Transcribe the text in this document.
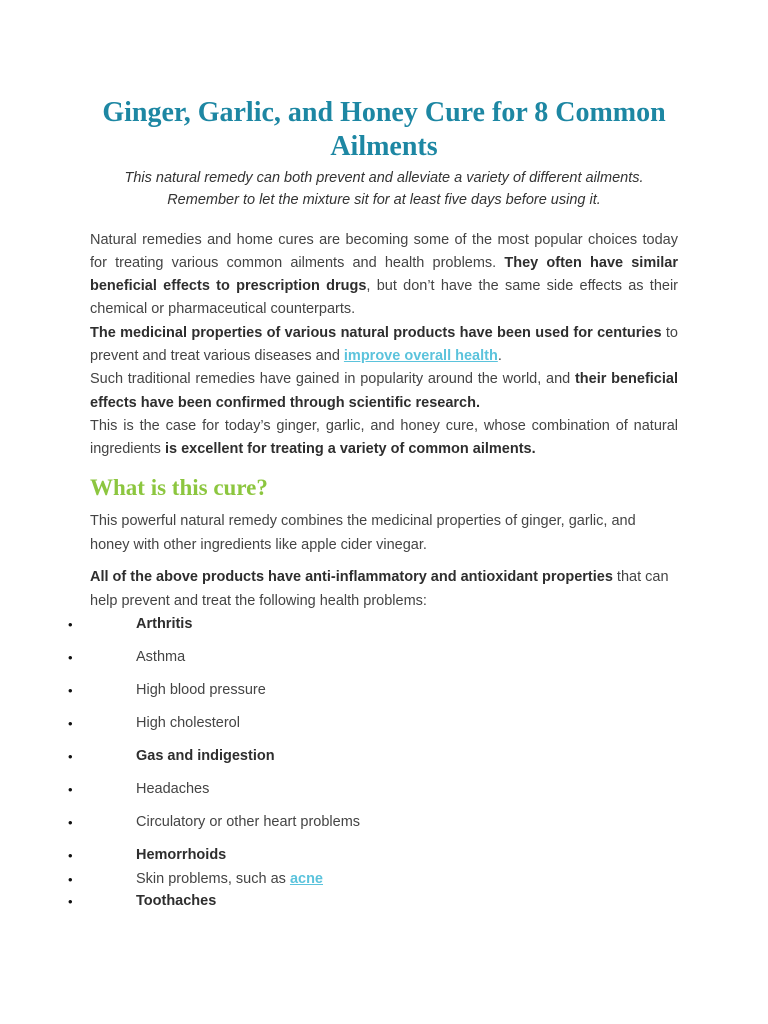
Ginger, Garlic, and Honey Cure for 8 Common Ailments

This natural remedy can both prevent and alleviate a variety of different ailments. Remember to let the mixture sit for at least five days before using it.

Natural remedies and home cures are becoming some of the most popular choices today for treating various common ailments and health problems. They often have similar beneficial effects to prescription drugs, but don’t have the same side effects as their chemical or pharmaceutical counterparts.

The medicinal properties of various natural products have been used for centuries to prevent and treat various diseases and improve overall health.

Such traditional remedies have gained in popularity around the world, and their beneficial effects have been confirmed through scientific research.

This is the case for today’s ginger, garlic, and honey cure, whose combination of natural ingredients is excellent for treating a variety of common ailments.

What is this cure?

This powerful natural remedy combines the medicinal properties of ginger, garlic, and honey with other ingredients like apple cider vinegar.

All of the above products have anti-inflammatory and antioxidant properties that can help prevent and treat the following health problems:

•	Arthritis
•	Asthma
•	High blood pressure
•	High cholesterol
•	Gas and indigestion
•	Headaches
•	Circulatory or other heart problems
•	Hemorrhoids
•	Skin problems, such as acne
•	Toothaches
